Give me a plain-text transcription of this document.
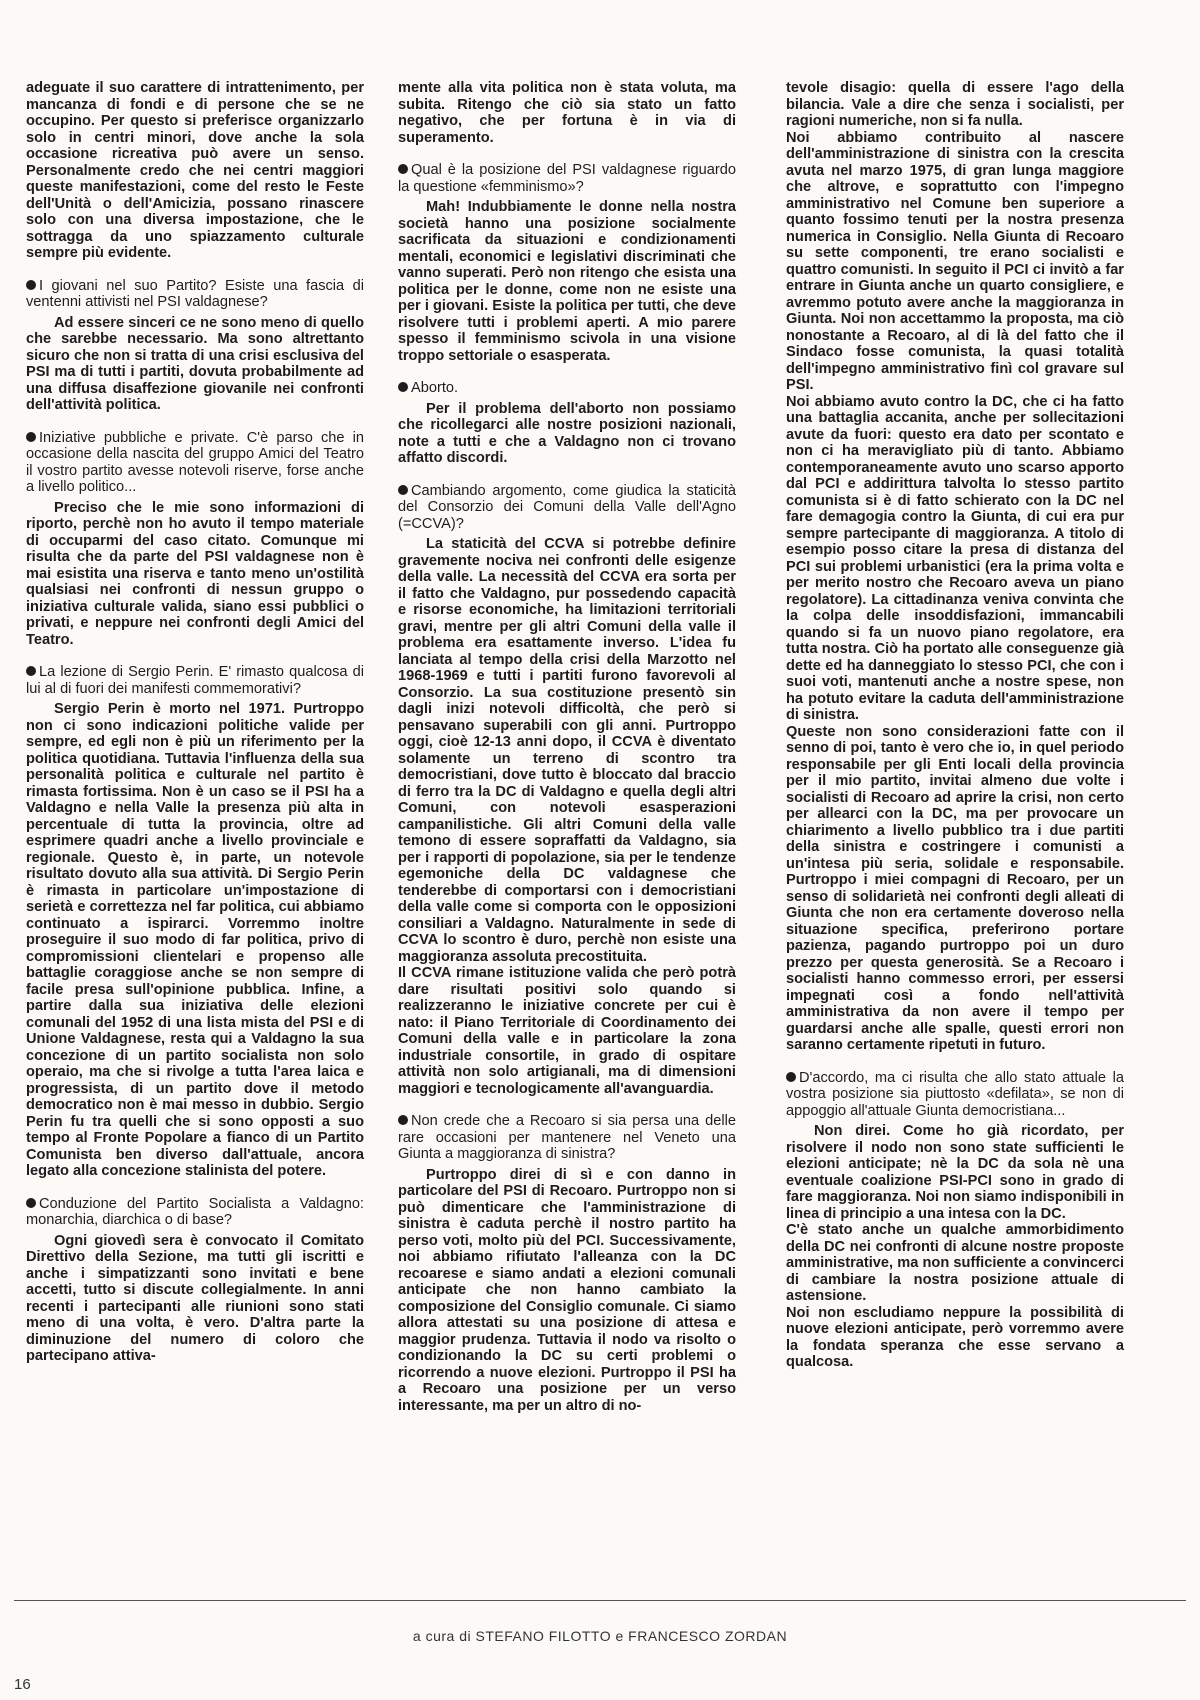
adeguate il suo carattere di intrattenimento, per mancanza di fondi e di persone che se ne occupino. Per questo si preferisce organizzarlo solo in centri minori, dove anche la sola occasione ricreativa può avere un senso. Personalmente credo che nei centri maggiori queste manifestazioni, come del resto le Feste dell'Unità o dell'Amicizia, possano rinascere solo con una diversa impostazione, che le sottragga da uno spiazzamento culturale sempre più evidente.

I giovani nel suo Partito? Esiste una fascia di ventenni attivisti nel PSI valdagnese?

Ad essere sinceri ce ne sono meno di quello che sarebbe necessario. Ma sono altrettanto sicuro che non si tratta di una crisi esclusiva del PSI ma di tutti i partiti, dovuta probabilmente ad una diffusa disaffezione giovanile nei confronti dell'attività politica.

Iniziative pubbliche e private. C'è parso che in occasione della nascita del gruppo Amici del Teatro il vostro partito avesse notevoli riserve, forse anche a livello politico...

Preciso che le mie sono informazioni di riporto, perchè non ho avuto il tempo materiale di occuparmi del caso citato. Comunque mi risulta che da parte del PSI valdagnese non è mai esistita una riserva e tanto meno un'ostilità qualsiasi nei confronti di nessun gruppo o iniziativa culturale valida, siano essi pubblici o privati, e neppure nei confronti degli Amici del Teatro.

La lezione di Sergio Perin. E' rimasto qualcosa di lui al di fuori dei manifesti commemorativi?

Sergio Perin è morto nel 1971. Purtroppo non ci sono indicazioni politiche valide per sempre, ed egli non è più un riferimento per la politica quotidiana. Tuttavia l'influenza della sua personalità politica e culturale nel partito è rimasta fortissima. Non è un caso se il PSI ha a Valdagno e nella Valle la presenza più alta in percentuale di tutta la provincia, oltre ad esprimere quadri anche a livello provinciale e regionale. Questo è, in parte, un notevole risultato dovuto alla sua attività. Di Sergio Perin è rimasta in particolare un'impostazione di serietà e correttezza nel far politica, cui abbiamo continuato a ispirarci. Vorremmo inoltre proseguire il suo modo di far politica, privo di compromissioni clientelari e propenso alle battaglie coraggiose anche se non sempre di facile presa sull'opinione pubblica. Infine, a partire dalla sua iniziativa delle elezioni comunali del 1952 di una lista mista del PSI e di Unione Valdagnese, resta qui a Valdagno la sua concezione di un partito socialista non solo operaio, ma che si rivolge a tutta l'area laica e progressista, di un partito dove il metodo democratico non è mai messo in dubbio. Sergio Perin fu tra quelli che si sono opposti a suo tempo al Fronte Popolare a fianco di un Partito Comunista ben diverso dall'attuale, ancora legato alla concezione stalinista del potere.

Conduzione del Partito Socialista a Valdagno: monarchia, diarchica o di base?

Ogni giovedì sera è convocato il Comitato Direttivo della Sezione, ma tutti gli iscritti e anche i simpatizzanti sono invitati e bene accetti, tutto si discute collegialmente. In anni recenti i partecipanti alle riunioni sono stati meno di una volta, è vero. D'altra parte la diminuzione del numero di coloro che partecipano attiva-

mente alla vita politica non è stata voluta, ma subita. Ritengo che ciò sia stato un fatto negativo, che per fortuna è in via di superamento.

Qual è la posizione del PSI valdagnese riguardo la questione «femminismo»?

Mah! Indubbiamente le donne nella nostra società hanno una posizione socialmente sacrificata da situazioni e condizionamenti mentali, economici e legislativi discriminati che vanno superati. Però non ritengo che esista una politica per le donne, come non ne esiste una per i giovani. Esiste la politica per tutti, che deve risolvere tutti i problemi aperti. A mio parere spesso il femminismo scivola in una visione troppo settoriale o esasperata.

Aborto.

Per il problema dell'aborto non possiamo che ricollegarci alle nostre posizioni nazionali, note a tutti e che a Valdagno non ci trovano affatto discordi.

Cambiando argomento, come giudica la staticità del Consorzio dei Comuni della Valle dell'Agno (=CCVA)?

La staticità del CCVA si potrebbe definire gravemente nociva nei confronti delle esigenze della valle. La necessità del CCVA era sorta per il fatto che Valdagno, pur possedendo capacità e risorse economiche, ha limitazioni territoriali gravi, mentre per gli altri Comuni della valle il problema era esattamente inverso. L'idea fu lanciata al tempo della crisi della Marzotto nel 1968-1969 e tutti i partiti furono favorevoli al Consorzio. La sua costituzione presentò sin dagli inizi notevoli difficoltà, che però si pensavano superabili con gli anni. Purtroppo oggi, cioè 12-13 anni dopo, il CCVA è diventato solamente un terreno di scontro tra democristiani, dove tutto è bloccato dal braccio di ferro tra la DC di Valdagno e quella degli altri Comuni, con notevoli esasperazioni campanilistiche. Gli altri Comuni della valle temono di essere sopraffatti da Valdagno, sia per i rapporti di popolazione, sia per le tendenze egemoniche della DC valdagnese che tenderebbe di comportarsi con i democristiani della valle come si comporta con le opposizioni consiliari a Valdagno. Naturalmente in sede di CCVA lo scontro è duro, perchè non esiste una maggioranza assoluta precostituita.

Il CCVA rimane istituzione valida che però potrà dare risultati positivi solo quando si realizzeranno le iniziative concrete per cui è nato: il Piano Territoriale di Coordinamento dei Comuni della valle e in particolare la zona industriale consortile, in grado di ospitare attività non solo artigianali, ma di dimensioni maggiori e tecnologicamente all'avanguardia.

Non crede che a Recoaro si sia persa una delle rare occasioni per mantenere nel Veneto una Giunta a maggioranza di sinistra?

Purtroppo direi di sì e con danno in particolare del PSI di Recoaro. Purtroppo non si può dimenticare che l'amministrazione di sinistra è caduta perchè il nostro partito ha perso voti, molto più del PCI. Successivamente, noi abbiamo rifiutato l'alleanza con la DC recoarese e siamo andati a elezioni comunali anticipate che non hanno cambiato la composizione del Consiglio comunale. Ci siamo allora attestati su una posizione di attesa e maggior prudenza. Tuttavia il nodo va risolto o condizionando la DC su certi problemi o ricorrendo a nuove elezioni. Purtroppo il PSI ha a Recoaro una posizione per un verso interessante, ma per un altro di no-

tevole disagio: quella di essere l'ago della bilancia. Vale a dire che senza i socialisti, per ragioni numeriche, non si fa nulla.

Noi abbiamo contribuito al nascere dell'amministrazione di sinistra con la crescita avuta nel marzo 1975, di gran lunga maggiore che altrove, e soprattutto con l'impegno amministrativo nel Comune ben superiore a quanto fossimo tenuti per la nostra presenza numerica in Consiglio. Nella Giunta di Recoaro su sette componenti, tre erano socialisti e quattro comunisti. In seguito il PCI ci invitò a far entrare in Giunta anche un quarto consigliere, e avremmo potuto avere anche la maggioranza in Giunta. Noi non accettammo la proposta, ma ciò nonostante a Recoaro, al di là del fatto che il Sindaco fosse comunista, la quasi totalità dell'impegno amministrativo finì col gravare sul PSI.

Noi abbiamo avuto contro la DC, che ci ha fatto una battaglia accanita, anche per sollecitazioni avute da fuori: questo era dato per scontato e non ci ha meravigliato più di tanto. Abbiamo contemporaneamente avuto uno scarso apporto dal PCI e addirittura talvolta lo stesso partito comunista si è di fatto schierato con la DC nel fare demagogia contro la Giunta, di cui era pur sempre partecipante di maggioranza. A titolo di esempio posso citare la presa di distanza del PCI sui problemi urbanistici (era la prima volta e per merito nostro che Recoaro aveva un piano regolatore). La cittadinanza veniva convinta che la colpa delle insoddisfazioni, immancabili quando si fa un nuovo piano regolatore, era tutta nostra. Ciò ha portato alle conseguenze già dette ed ha danneggiato lo stesso PCI, che con i suoi voti, mantenuti anche a nostre spese, non ha potuto evitare la caduta dell'amministrazione di sinistra.

Queste non sono considerazioni fatte con il senno di poi, tanto è vero che io, in quel periodo responsabile per gli Enti locali della provincia per il mio partito, invitai almeno due volte i socialisti di Recoaro ad aprire la crisi, non certo per allearci con la DC, ma per provocare un chiarimento a livello pubblico tra i due partiti della sinistra e costringere i comunisti a un'intesa più seria, solidale e responsabile. Purtroppo i miei compagni di Recoaro, per un senso di solidarietà nei confronti degli alleati di Giunta che non era certamente doveroso nella situazione specifica, preferirono portare pazienza, pagando purtroppo poi un duro prezzo per questa generosità. Se a Recoaro i socialisti hanno commesso errori, per essersi impegnati così a fondo nell'attività amministrativa da non avere il tempo per guardarsi anche alle spalle, questi errori non saranno certamente ripetuti in futuro.

D'accordo, ma ci risulta che allo stato attuale la vostra posizione sia piuttosto «defilata», se non di appoggio all'attuale Giunta democristiana...

Non direi. Come ho già ricordato, per risolvere il nodo non sono state sufficienti le elezioni anticipate; nè la DC da sola nè una eventuale coalizione PSI-PCI sono in grado di fare maggioranza. Noi non siamo indisponibili in linea di principio a una intesa con la DC.

C'è stato anche un qualche ammorbidimento della DC nei confronti di alcune nostre proposte amministrative, ma non sufficiente a convincerci di cambiare la nostra posizione attuale di astensione.

Noi non escludiamo neppure la possibilità di nuove elezioni anticipate, però vorremmo avere la fondata speranza che esse servano a qualcosa.

a cura di STEFANO FILOTTO e FRANCESCO ZORDAN
16
